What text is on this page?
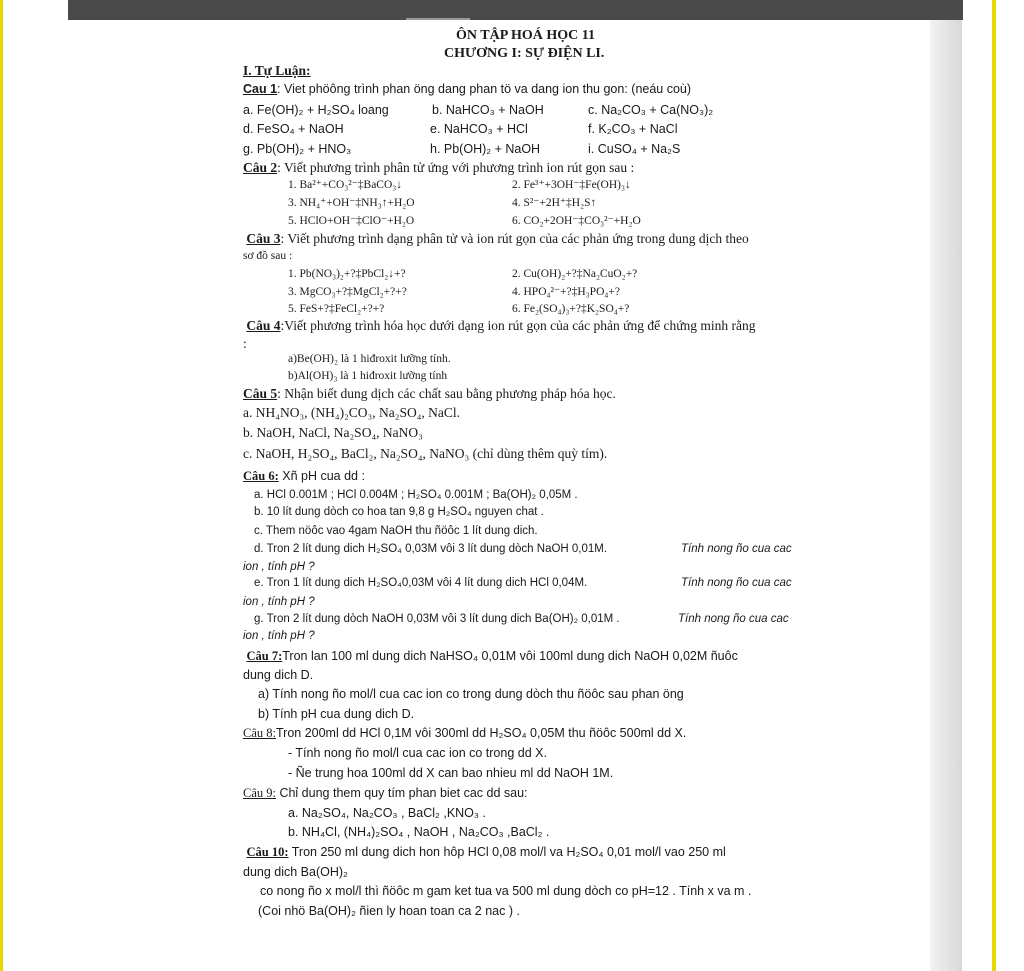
ÔN TẬP HOÁ HỌC 11
CHƯƠNG I: SỰ ĐIỆN LI.
I. Tự Luận:
Cau 1: Viet phöông trình phan öng dang phan tö va dang ion thu gon: (neáu coù)
a. Fe(OH)₂ + H₂SO₄ loang	b. NaHCO₃ + NaOH	c. Na₂CO₃ + Ca(NO₃)₂
d. FeSO₄ + NaOH	e. NaHCO₃ + HCl	f. K₂CO₃ + NaCl
g. Pb(OH)₂ + HNO₃	h. Pb(OH)₂ + NaOH	i. CuSO₄ + Na₂S
Câu 2: Viết phương trình phân tử ứng với phương trình ion rút gọn sau :
1. Ba²⁺+CO₃²⁻‡BaCO₃↓	2. Fe³⁺+3OH⁻‡Fe(OH)₃↓
3. NH₄⁺+OH⁻‡NH₃↑+H₂O	4. S²⁻+2H⁺‡H₂S↑
5. HClO+OH⁻‡ClO⁻+H₂O	6. CO₂+2OH⁻‡CO₃²⁻+H₂O
Câu 3: Viết phương trình dạng phân tử và ion rút gọn của các phản ứng trong dung dịch theo
sơ đồ sau :
1. Pb(NO₃)₂+?‡PbCl₂↓+?	2. Cu(OH)₂+?‡Na₂CuO₂+?
3. MgCO₃+?‡MgCl₂+?+?	4. HPO₄²⁻+?‡H₃PO₄+?
5. FeS+?‡FeCl₂+?+?	6. Fe₂(SO₄)₃+?‡K₂SO₄+?
Câu 4:Viết phương trình hóa học dưới dạng ion rút gọn của các phản ứng để chứng minh rằng
:
a)Be(OH)₂ là 1 hiđroxit lưỡng tính.
b)Al(OH)₃ là 1 hiđroxit lưỡng tính
Câu 5: Nhận biết dung dịch các chất sau bằng phương pháp hóa học.
a. NH₄NO₃, (NH₄)₂CO₃, Na₂SO₄, NaCl.
b. NaOH, NaCl, Na₂SO₄, NaNO₃
c. NaOH, H₂SO₄, BaCl₂, Na₂SO₄, NaNO₃ (chỉ dùng thêm quỳ tím).
Câu 6: Xñ pH cua dd :
a. HCl 0.001M ; HCl 0.004M ; H₂SO₄ 0.001M ; Ba(OH)₂ 0,05M .
b. 10 lít dung dòch co hoa tan 9,8 g H₂SO₄ nguyen chat .
c. Them nöôc vao 4gam NaOH thu ñöôc 1 lít dung dich.
d. Tron 2 lít dung dich H₂SO₄ 0,03M vôi 3 lít dung dòch NaOH 0,01M.	Tính nong ño cua cac
ion , tính pH ?
e. Tron 1 lít dung dich H₂SO₄0,03M vôi 4 lít dung dich HCl 0,04M.	Tính nong ño cua cac
ion , tính pH ?
g. Tron 2 lít dung dòch NaOH 0,03M vôi 3 lít dung dich Ba(OH)₂ 0,01M .	Tính nong ño cua cac
ion , tính pH ?
Câu 7:Tron lan 100 ml dung dich NaHSO₄ 0,01M vôi 100ml dung dich NaOH 0,02M ñuôc
dung dich D.
a) Tính nong ño mol/l cua cac ion co trong dung dòch thu ñöôc sau phan öng
b) Tính pH cua dung dich D.
Câu 8:Tron 200ml dd HCl 0,1M vôi 300ml dd H₂SO₄ 0,05M thu ñöôc 500ml dd X.
- Tính nong ño mol/l cua cac ion co trong dd X.
- Ñe trung hoa 100ml dd X can bao nhieu ml dd NaOH 1M.
Câu 9: Chỉ dung them quy tím phan biet cac dd sau:
a. Na₂SO₄, Na₂CO₃ , BaCl₂ ,KNO₃ .
b. NH₄Cl, (NH₄)₂SO₄ , NaOH , Na₂CO₃ ,BaCl₂ .
Câu 10: Tron 250 ml dung dich hon hôp HCl 0,08 mol/l va H₂SO₄ 0,01 mol/l vao 250 ml
dung dich Ba(OH)₂
co nong ño x mol/l thì ñöôc m gam ket tua va 500 ml dung dòch co pH=12 . Tính x va m .
(Coi nhö Ba(OH)₂ ñien ly hoan toan ca 2 nac ) .
